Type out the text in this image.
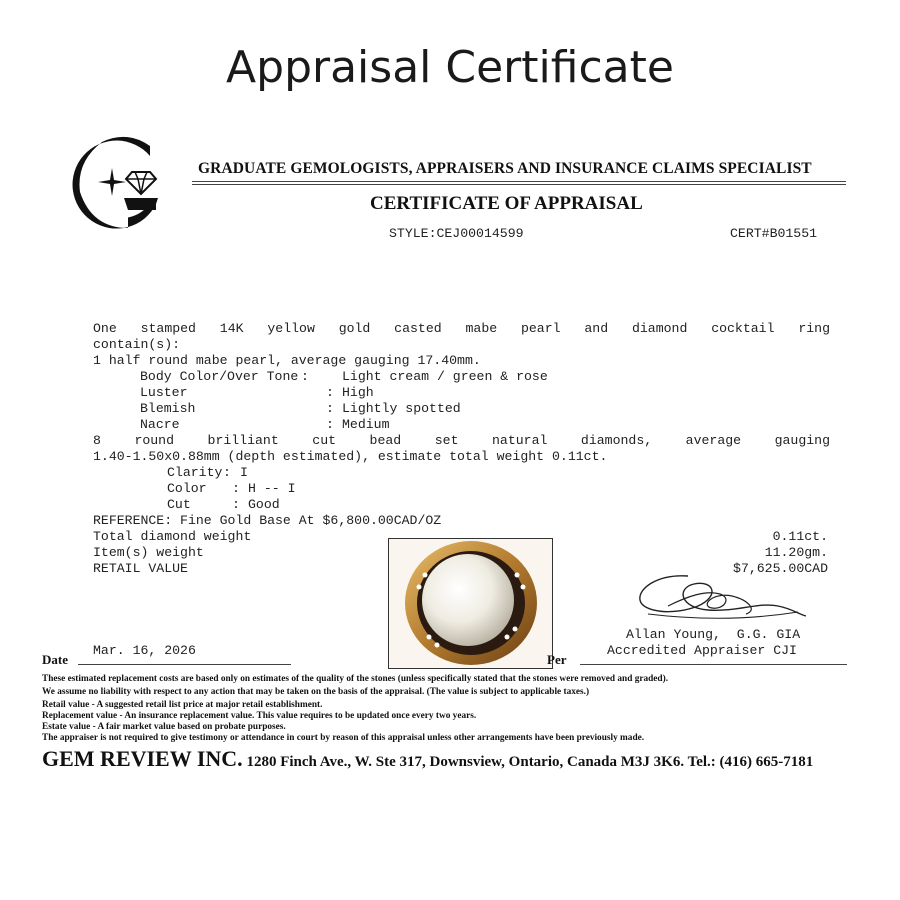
Appraisal Certificate
GRADUATE GEMOLOGISTS, APPRAISERS AND INSURANCE CLAIMS SPECIALIST
CERTIFICATE OF APPRAISAL
STYLE:CEJ00014599	CERT#B01551
One stamped 14K yellow gold casted mabe pearl and diamond cocktail ring
contain(s):
1 half round mabe pearl, average gauging 17.40mm.
Body Color/Over Tone : Light cream / green & rose
Luster	: High
Blemish	: Lightly spotted
Nacre	: Medium
8 round brilliant cut bead set natural diamonds, average gauging
1.40-1.50x0.88mm (depth estimated), estimate total weight 0.11ct.
Clarity : I
Color : H -- I
Cut	: Good
REFERENCE: Fine Gold Base At $6,800.00CAD/OZ
Total diamond weight	0.11ct.
Item(s) weight	11.20gm.
RETAIL VALUE	$7,625.00CAD
Allan Young,  G.G. GIA
Accredited Appraiser CJI
Date
Mar. 16, 2026
Per
These estimated replacement costs are based only on estimates of the quality of the stones (unless specifically stated that the stones were removed and graded).
We assume no liability with respect to any action that may be taken on the basis of the appraisal. (The value is subject to applicable taxes.)
Retail value - A suggested retail list price at major retail establishment.
Replacement value - An insurance replacement value. This value requires to be updated once every two years.
Estate value - A fair market value based on probate purposes.
The appraiser is not required to give testimony or attendance in court by reason of this appraisal unless other arrangements have been previously made.
GEM REVIEW INC. 1280 Finch Ave., W. Ste 317, Downsview, Ontario, Canada M3J 3K6. Tel.: (416) 665-7181
